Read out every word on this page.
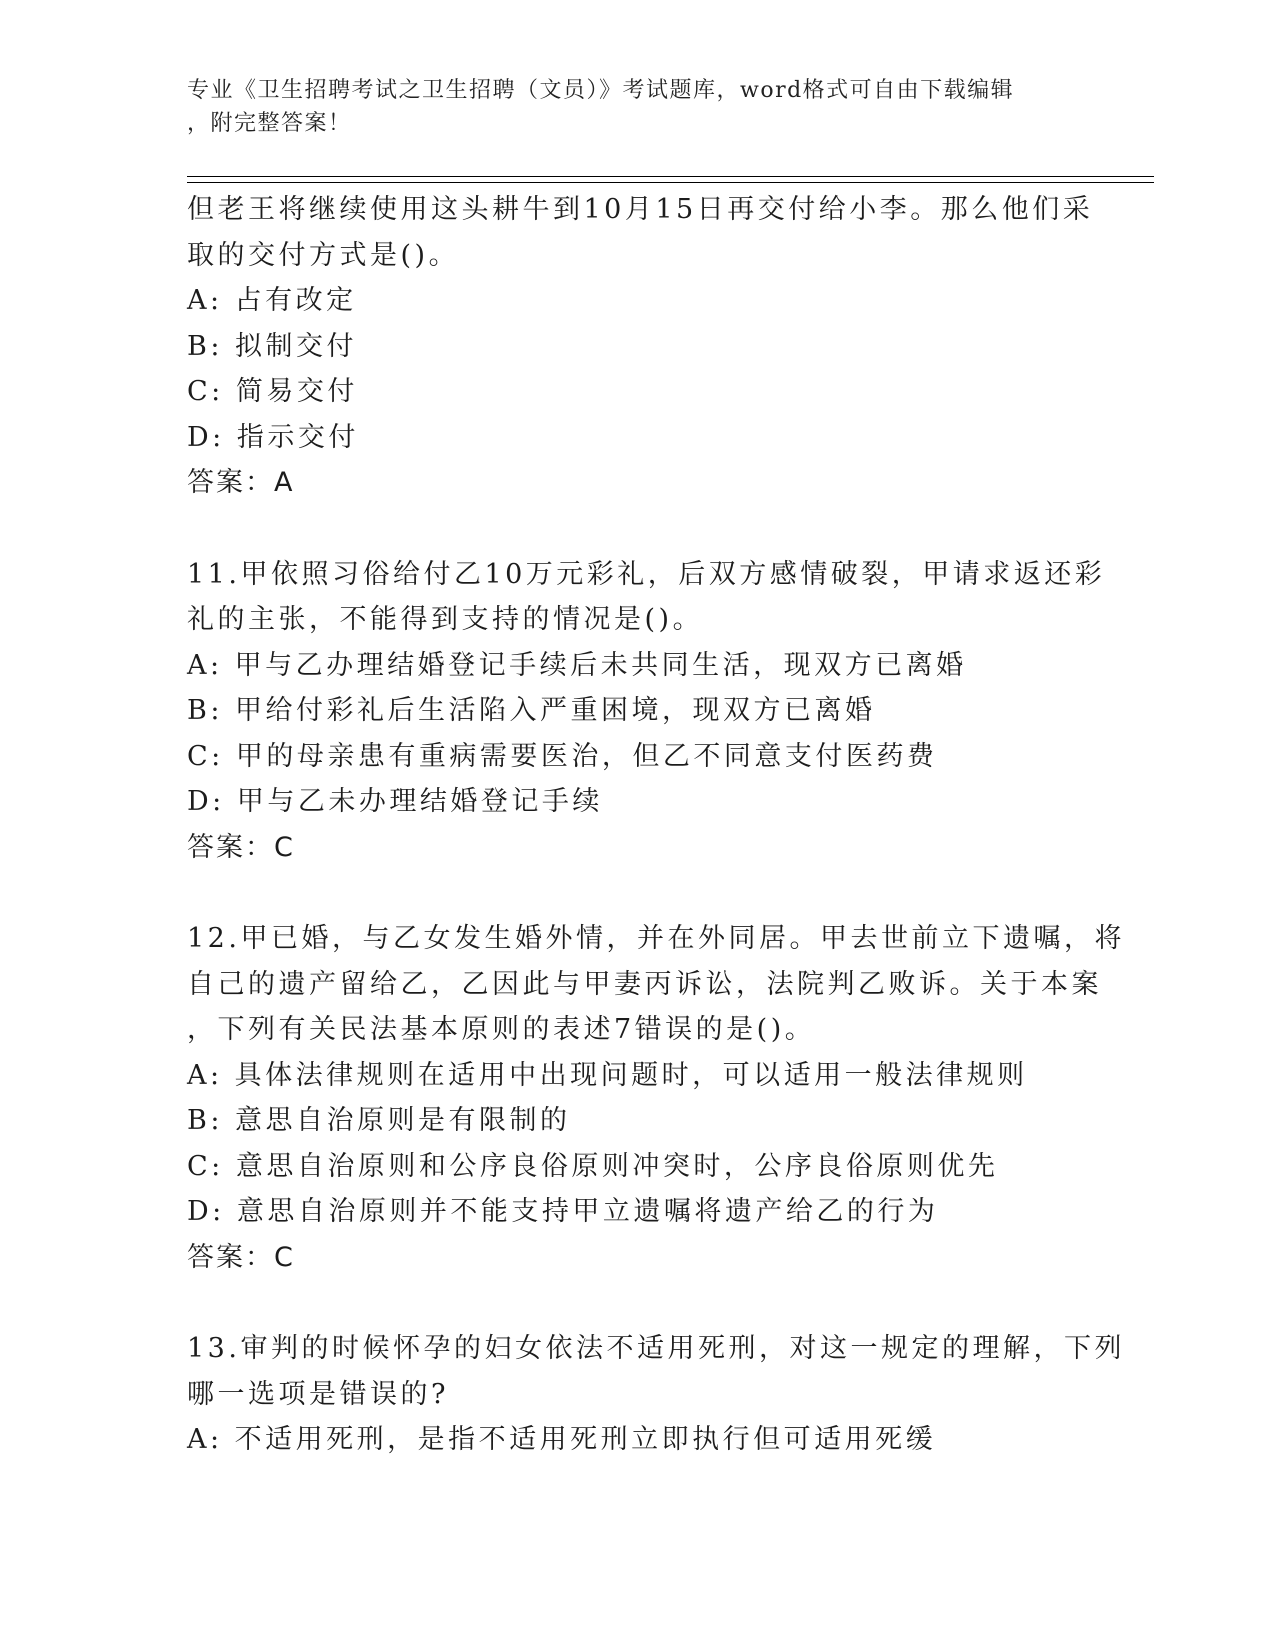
专业《卫生招聘考试之卫生招聘（文员）》考试题库，word格式可自由下载编辑
，附完整答案！
但老王将继续使用这头耕牛到10月15日再交付给小李。那么他们采
取的交付方式是()。
A: 占有改定
B: 拟制交付
C: 简易交付
D: 指示交付
答案：A
11.甲依照习俗给付乙10万元彩礼，后双方感情破裂，甲请求返还彩
礼的主张，不能得到支持的情况是()。
A: 甲与乙办理结婚登记手续后未共同生活，现双方已离婚
B: 甲给付彩礼后生活陷入严重困境，现双方已离婚
C: 甲的母亲患有重病需要医治，但乙不同意支付医药费
D: 甲与乙未办理结婚登记手续
答案：C
12.甲已婚，与乙女发生婚外情，并在外同居。甲去世前立下遗嘱，将
自己的遗产留给乙，乙因此与甲妻丙诉讼，法院判乙败诉。关于本案
，下列有关民法基本原则的表述7错误的是()。
A: 具体法律规则在适用中出现问题时，可以适用一般法律规则
B: 意思自治原则是有限制的
C: 意思自治原则和公序良俗原则冲突时，公序良俗原则优先
D: 意思自治原则并不能支持甲立遗嘱将遗产给乙的行为
答案：C
13.审判的时候怀孕的妇女依法不适用死刑，对这一规定的理解，下列
哪一选项是错误的?
A: 不适用死刑，是指不适用死刑立即执行但可适用死缓
